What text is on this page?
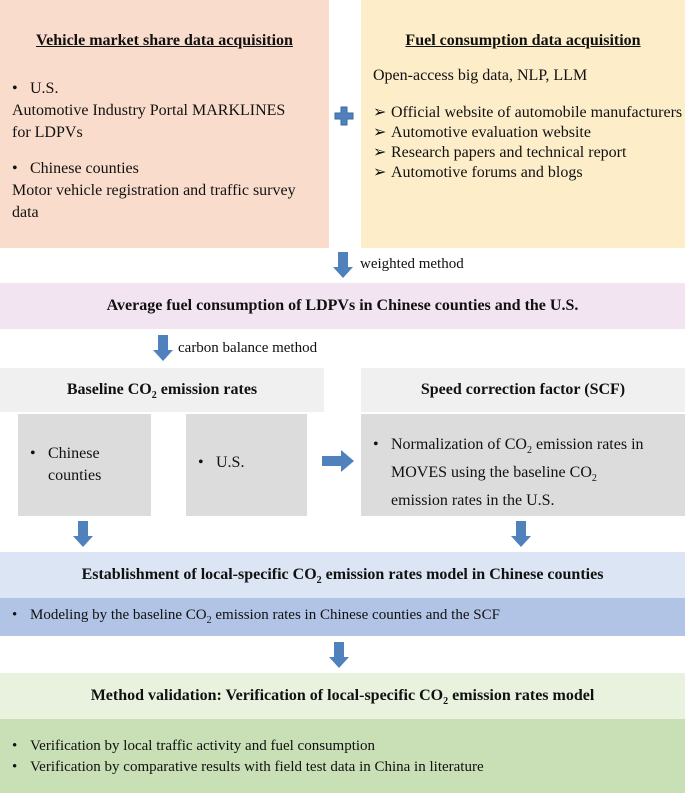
Vehicle market share data acquisition
• U.S.
Automotive Industry Portal MARKLINES
for LDPVs
• Chinese counties
Motor vehicle registration and traffic survey
data
Fuel consumption data acquisition
Open-access big data, NLP, LLM
➢ Official website of automobile manufacturers
➢ Automotive evaluation website
➢ Research papers and technical report
➢ Automotive forums and blogs
weighted method
Average fuel consumption of LDPVs in Chinese counties and the U.S.
carbon balance method
Baseline $CO_2$ emission rates
• Chinese
counties
• U.S.
Speed correction factor (SCF)
• Normalization of $CO_2$ emission rates in
MOVES using the baseline $CO_2$
emission rates in the U.S.
Establishment of local-specific $CO_2$ emission rates model in Chinese counties
• Modeling by the baseline $CO_2$ emission rates in Chinese counties and the SCF
Method validation: Verification of local-specific $CO_2$ emission rates model
• Verification by local traffic activity and fuel consumption
• Verification by comparative results with field test data in China in literature
